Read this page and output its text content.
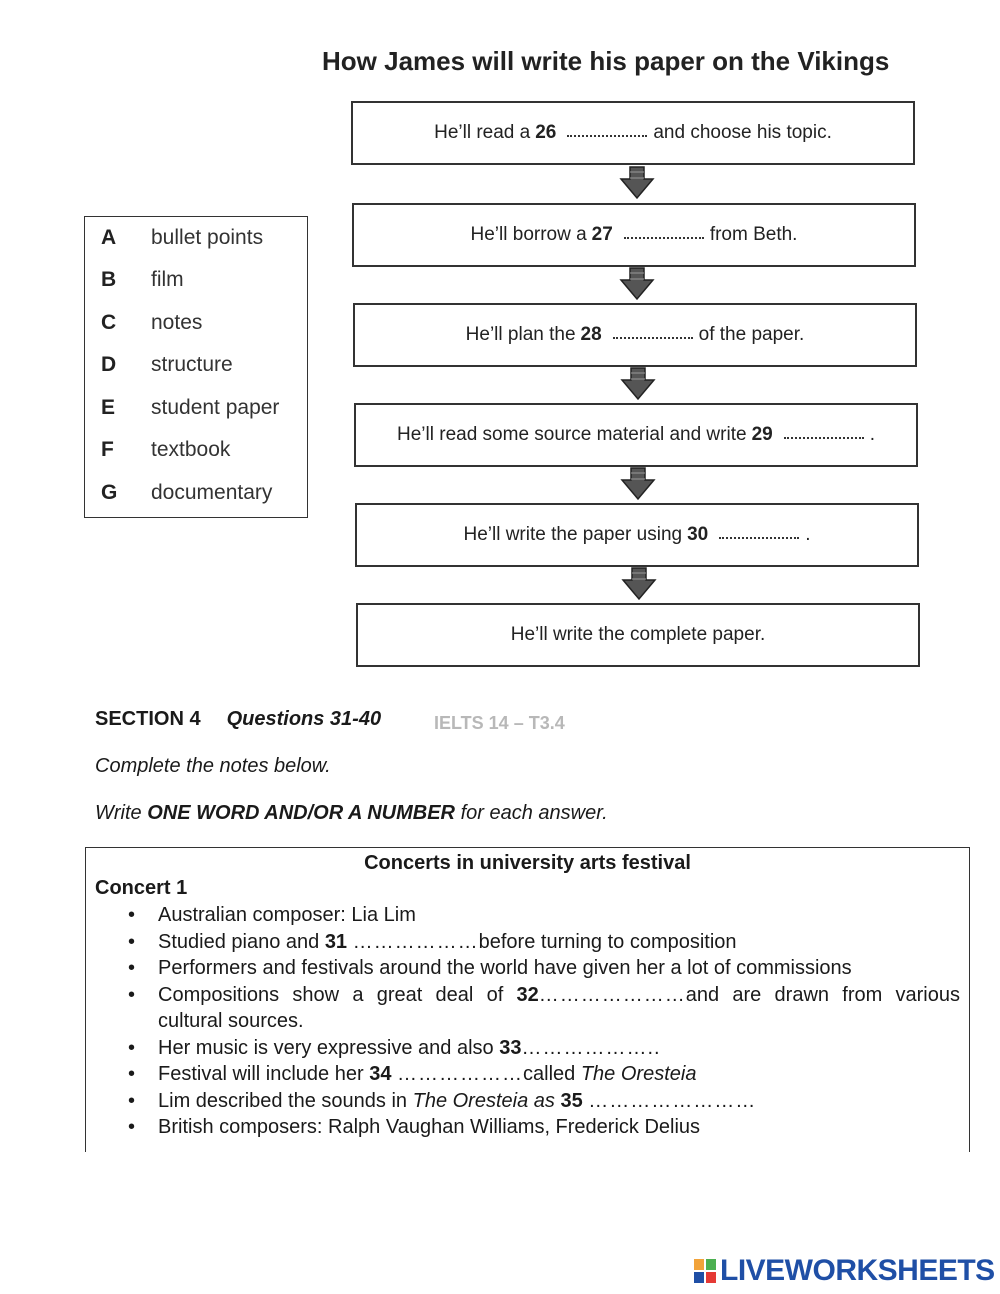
How James will write his paper on the Vikings
He’ll read a 26	and choose his topic.
He’ll borrow a 27	from Beth.
He’ll plan the 28	of the paper.
He’ll read some source material and write 29	.
He’ll write the paper using 30	.
He’ll write the complete paper.
A bullet points
B film
C notes
D structure
E student paper
F textbook
G documentary
SECTION 4 Questions 31-40	IELTS 14 – T3.4
Complete the notes below.
Write ONE WORD AND/OR A NUMBER for each answer.
Concerts in university arts festival
Concert 1
• Australian composer: Lia Lim
• Studied piano and 31 ………………before turning to composition
• Performers and festivals around the world have given her a lot of commissions
• Compositions show a great deal of 32…………………and are drawn from various
cultural sources.
• Her music is very expressive and also 33………………..
• Festival will include her 34 ………………called The Oresteia
• Lim described the sounds in The Oresteia as 35 ……………………
• British composers: Ralph Vaughan Williams, Frederick Delius
LIVEWORKSHEETS
